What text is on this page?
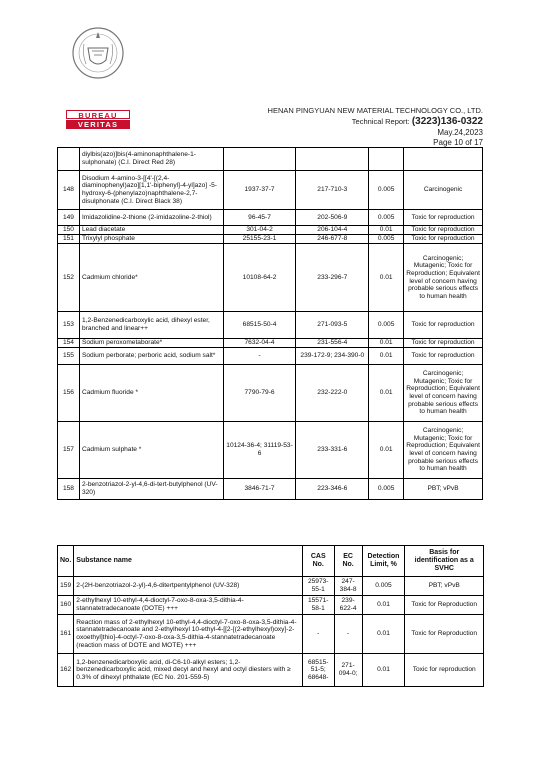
BUREAU
VERITAS
HENAN PINGYUAN NEW MATERIAL TECHNOLOGY CO., LTD.
Technical Report: (3223)136-0322
May.24,2023
Page 10 of 17
	diylbis(azo)]bis(4-aminonaphthalene-1-sulphonate) (C.I. Direct Red 28)				
148	Disodium 4-amino-3-[[4'-[(2,4-diaminophenyl)azo][1,1'-biphenyl]-4-yl]azo] -5-hydroxy-6-(phenylazo)naphthalene-2,7-disulphonate (C.I. Direct Black 38)	1937-37-7	217-710-3	0.005	Carcinogenic
149	Imidazolidine-2-thione (2-imidazoline-2-thiol)	96-45-7	202-506-9	0.005	Toxic for reproduction
150	Lead diacetate	301-04-2	206-104-4	0.01	Toxic for reproduction
151	Trixylyl phosphate	25155-23-1	246-677-8	0.005	Toxic for reproduction
152	Cadmium chloride*	10108-64-2	233-296-7	0.01	Carcinogenic; Mutagenic; Toxic for Reproduction; Equivalent level of concern having probable serious effects to human health
153	1,2-Benzenedicarboxylic acid, dihexyl ester, branched and linear++	68515-50-4	271-093-5	0.005	Toxic for reproduction
154	Sodium peroxometaborate*	7632-04-4	231-556-4	0.01	Toxic for reproduction
155	Sodium perborate; perboric acid, sodium salt*	-	239-172-9; 234-390-0	0.01	Toxic for reproduction
156	Cadmium fluoride *	7790-79-6	232-222-0	0.01	Carcinogenic; Mutagenic; Toxic for Reproduction; Equivalent level of concern having probable serious effects to human health
157	Cadmium sulphate *	10124-36-4; 31119-53-6	233-331-6	0.01	Carcinogenic; Mutagenic; Toxic for Reproduction; Equivalent level of concern having probable serious effects to human health
158	2-benzotriazol-2-yl-4,6-di-tert-butylphenol (UV-320)	3846-71-7	223-346-6	0.005	PBT; vPvB
No.	Substance name	CAS No.	EC No.	Detection Limit, %	Basis for identification as a SVHC
159	2-(2H-benzotriazol-2-yl)-4,6-ditertpentylphenol (UV-328)	25973-55-1	247-384-8	0.005	PBT; vPvB
160	2-ethylhexyl 10-ethyl-4,4-dioctyl-7-oxo-8-oxa-3,5-dithia-4-stannatetradecanoate (DOTE) +++	15571-58-1	239-622-4	0.01	Toxic for Reproduction
161	Reaction mass of 2-ethylhexyl 10-ethyl-4,4-dioctyl-7-oxo-8-oxa-3,5-dithia-4-stannatetradecanoate and 2-ethylhexyl 10-ethyl-4-[[2-[(2-ethylhexyl)oxy]-2-oxoethyl]thio]-4-octyl-7-oxo-8-oxa-3,5-dithia-4-stannatetradecanoate (reaction mass of DOTE and MOTE) +++	-	-	0.01	Toxic for Reproduction
162	1,2-benzenedicarboxylic acid, di-C6-10-alkyl esters; 1,2-benzenedicarboxylic acid, mixed decyl and hexyl and octyl diesters with ≥ 0.3% of dihexyl phthalate (EC No. 201-559-5)	68515-51-5; 68648-	271-094-0;	0.01	Toxic for reproduction
